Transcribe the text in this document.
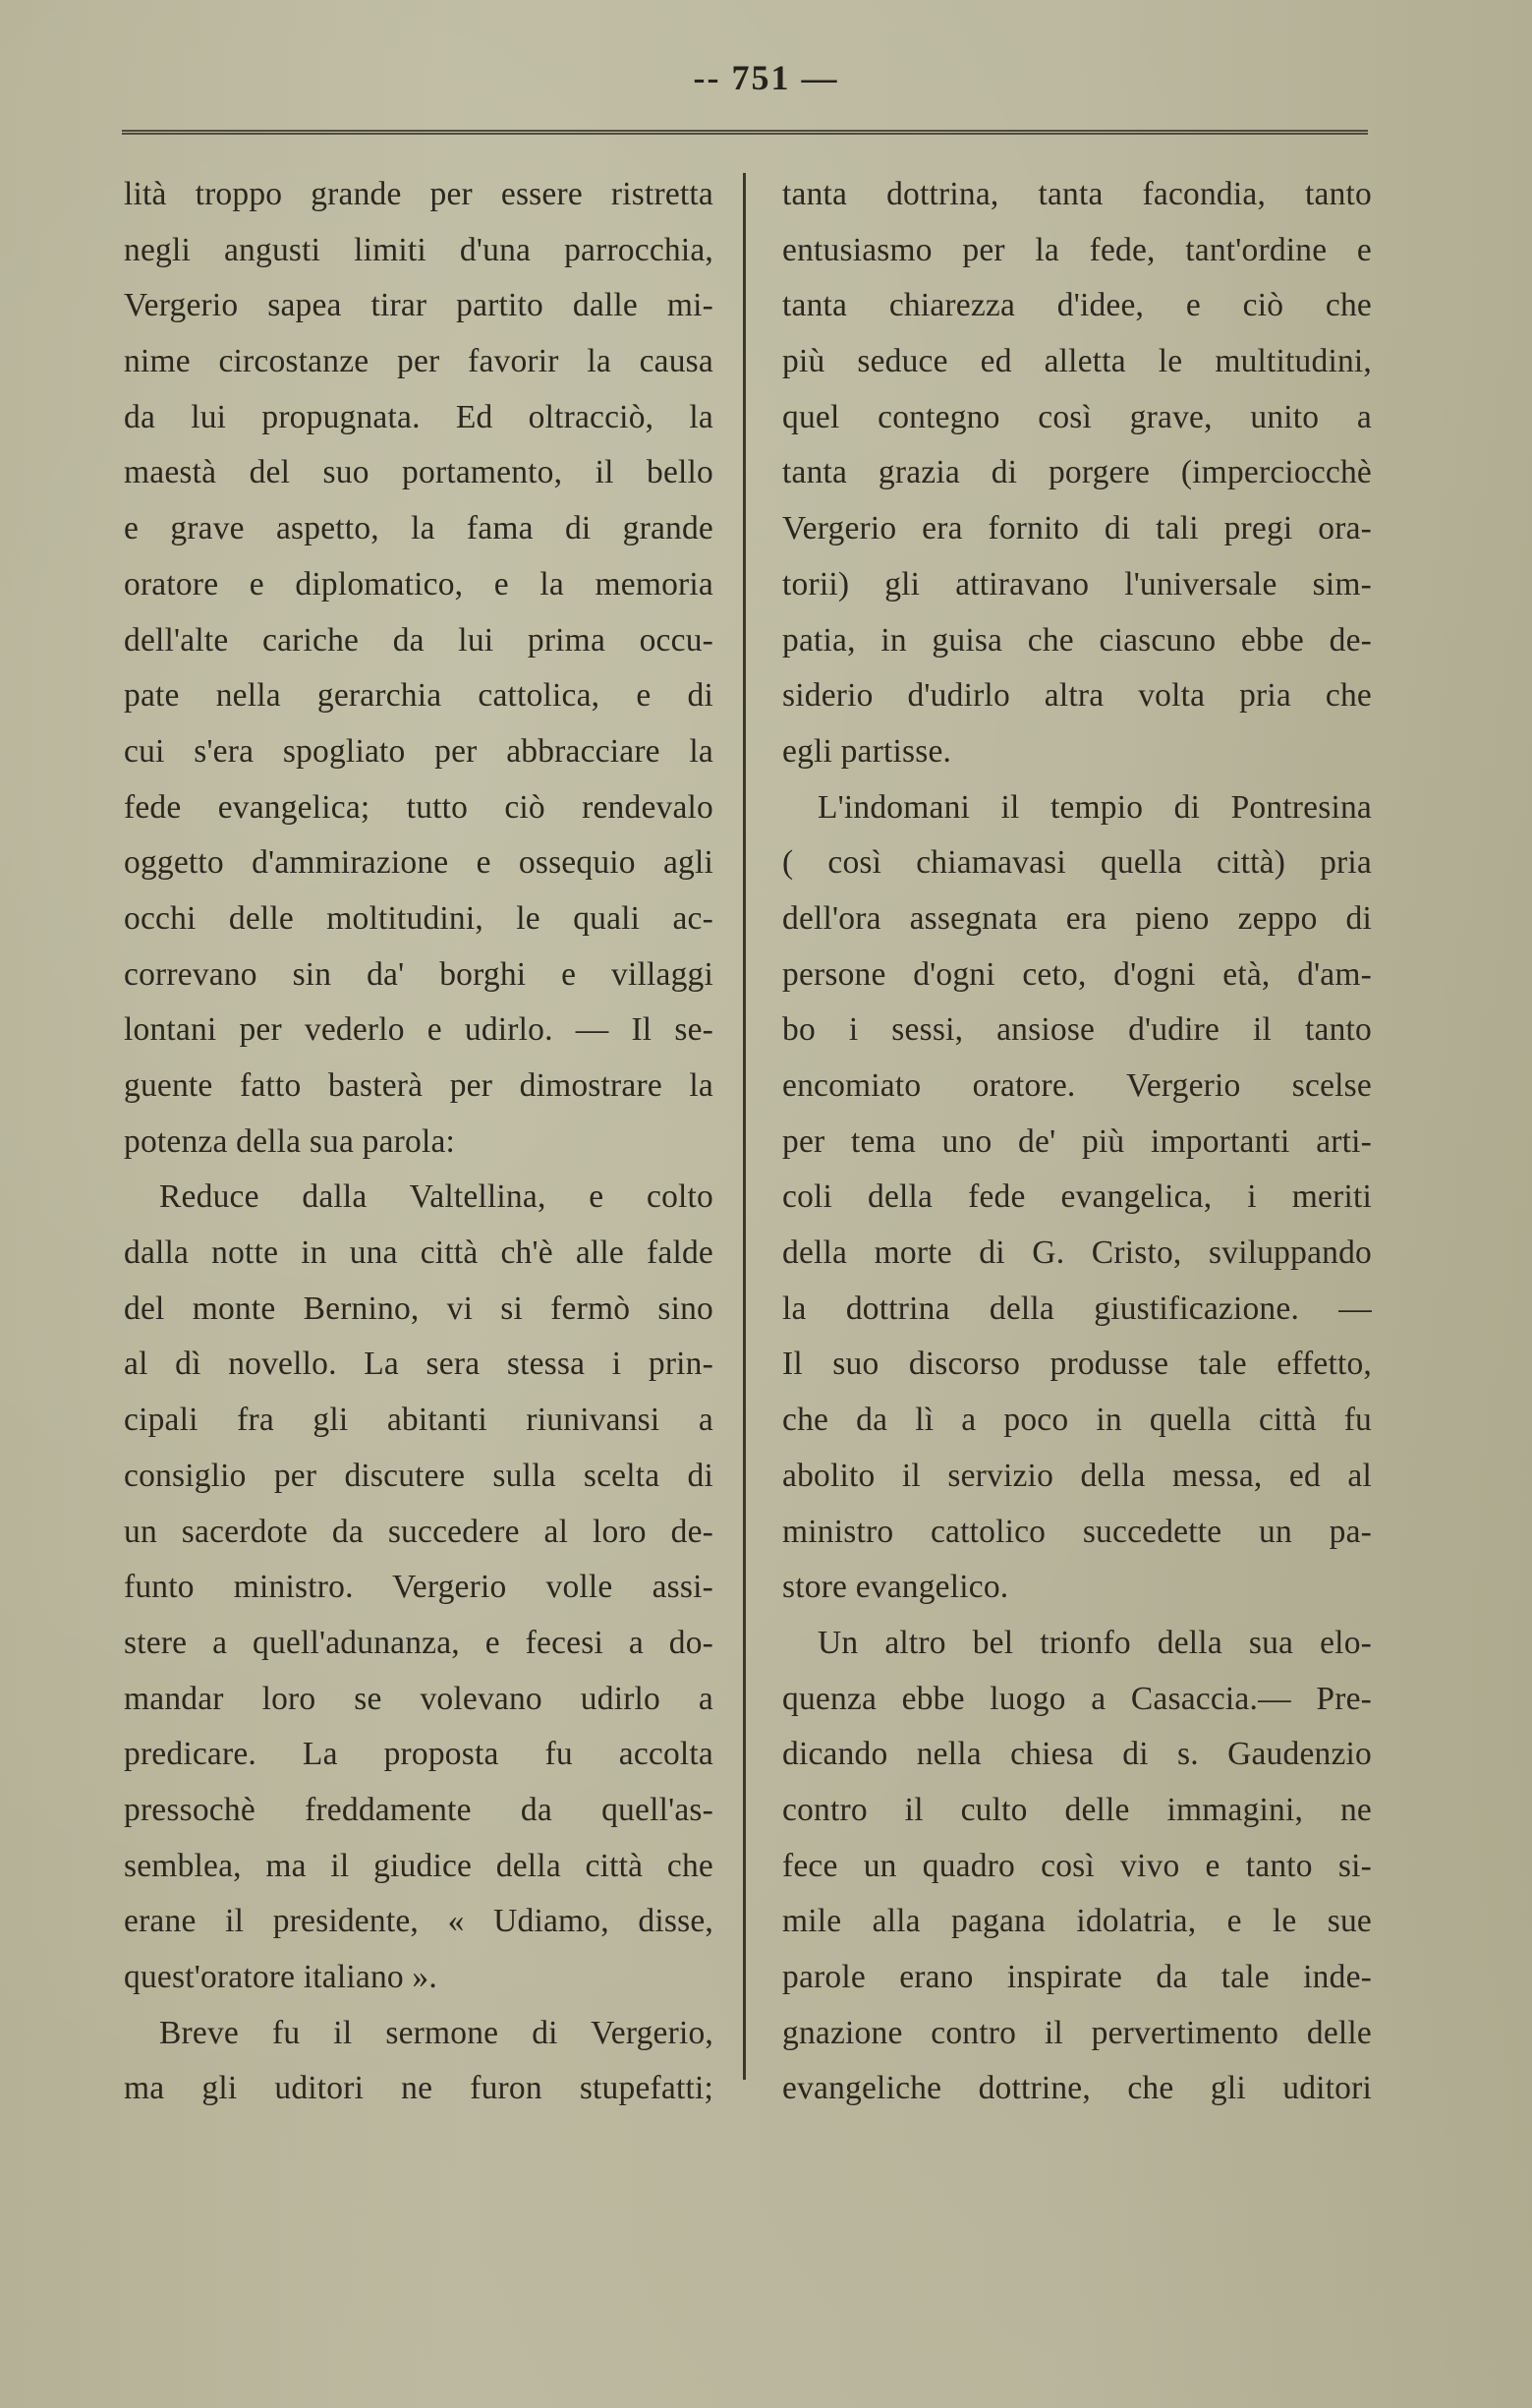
-- 751 —
lità troppo grande per essere ristretta
negli angusti limiti d'una parrocchia,
Vergerio sapea tirar partito dalle mi-
nime circostanze per favorir la causa
da lui propugnata. Ed oltracciò, la
maestà del suo portamento, il bello
e grave aspetto, la fama di grande
oratore e diplomatico, e la memoria
dell'alte cariche da lui prima occu-
pate nella gerarchia cattolica, e di
cui s'era spogliato per abbracciare la
fede evangelica; tutto ciò rendevalo
oggetto d'ammirazione e ossequio agli
occhi delle moltitudini, le quali ac-
correvano sin da' borghi e villaggi
lontani per vederlo e udirlo. — Il se-
guente fatto basterà per dimostrare la
potenza della sua parola:
Reduce dalla Valtellina, e colto
dalla notte in una città ch'è alle falde
del monte Bernino, vi si fermò sino
al dì novello. La sera stessa i prin-
cipali fra gli abitanti riunivansi a
consiglio per discutere sulla scelta di
un sacerdote da succedere al loro de-
funto ministro. Vergerio volle assi-
stere a quell'adunanza, e fecesi a do-
mandar loro se volevano udirlo a
predicare. La proposta fu accolta
pressochè freddamente da quell'as-
semblea, ma il giudice della città che
erane il presidente, « Udiamo, disse,
quest'oratore italiano ».
Breve fu il sermone di Vergerio,
ma gli uditori ne furon stupefatti;
tanta dottrina, tanta facondia, tanto
entusiasmo per la fede, tant'ordine e
tanta chiarezza d'idee, e ciò che
più seduce ed alletta le multitudini,
quel contegno così grave, unito a
tanta grazia di porgere (imperciocchè
Vergerio era fornito di tali pregi ora-
torii) gli attiravano l'universale sim-
patia, in guisa che ciascuno ebbe de-
siderio d'udirlo altra volta pria che
egli partisse.
L'indomani il tempio di Pontresina
( così chiamavasi quella città) pria
dell'ora assegnata era pieno zeppo di
persone d'ogni ceto, d'ogni età, d'am-
bo i sessi, ansiose d'udire il tanto
encomiato oratore. Vergerio scelse
per tema uno de' più importanti arti-
coli della fede evangelica, i meriti
della morte di G. Cristo, sviluppando
la dottrina della giustificazione. —
Il suo discorso produsse tale effetto,
che da lì a poco in quella città fu
abolito il servizio della messa, ed al
ministro cattolico succedette un pa-
store evangelico.
Un altro bel trionfo della sua elo-
quenza ebbe luogo a Casaccia.— Pre-
dicando nella chiesa di s. Gaudenzio
contro il culto delle immagini, ne
fece un quadro così vivo e tanto si-
mile alla pagana idolatria, e le sue
parole erano inspirate da tale inde-
gnazione contro il pervertimento delle
evangeliche dottrine, che gli uditori
